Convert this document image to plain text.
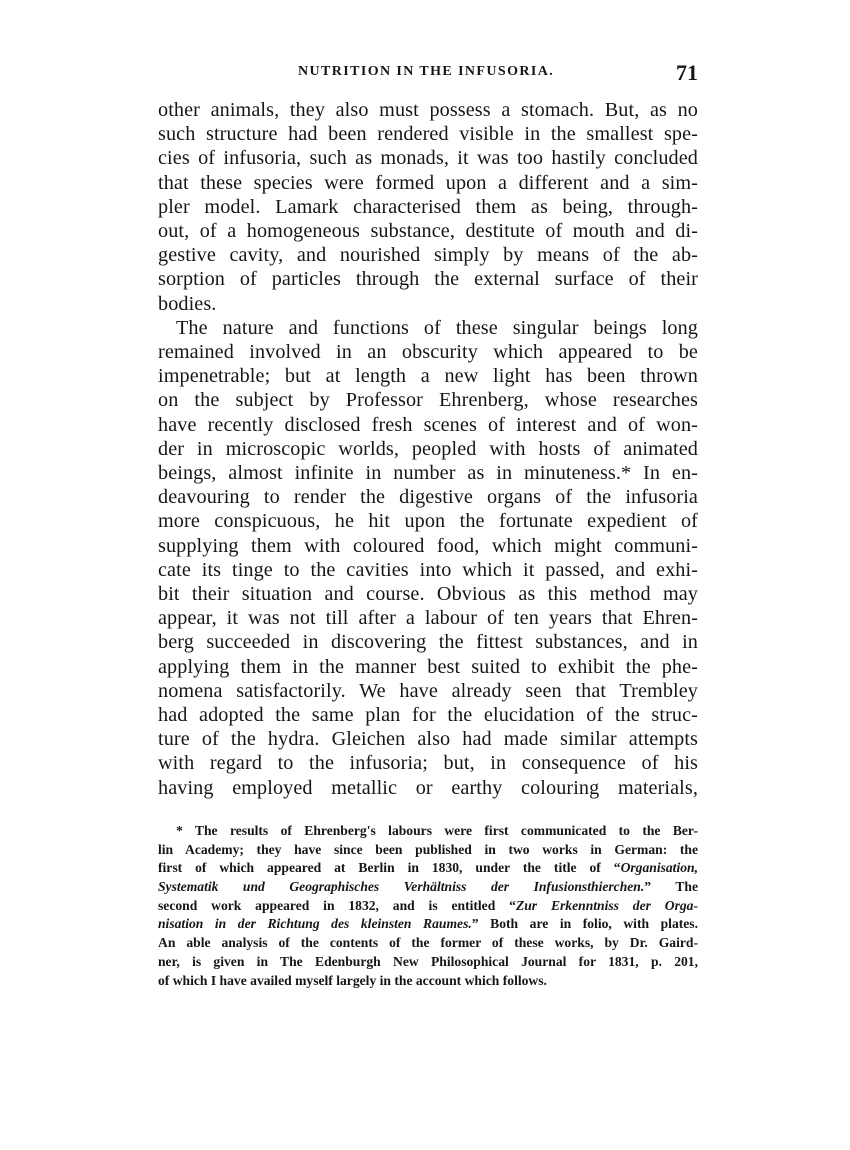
NUTRITION IN THE INFUSORIA.	71
other animals, they also must possess a stomach. But, as no
such structure had been rendered visible in the smallest spe-
cies of infusoria, such as monads, it was too hastily concluded
that these species were formed upon a different and a sim-
pler model. Lamark characterised them as being, through-
out, of a homogeneous substance, destitute of mouth and di-
gestive cavity, and nourished simply by means of the ab-
sorption of particles through the external surface of their
bodies.
The nature and functions of these singular beings long
remained involved in an obscurity which appeared to be
impenetrable; but at length a new light has been thrown
on the subject by Professor Ehrenberg, whose researches
have recently disclosed fresh scenes of interest and of won-
der in microscopic worlds, peopled with hosts of animated
beings, almost infinite in number as in minuteness.* In en-
deavouring to render the digestive organs of the infusoria
more conspicuous, he hit upon the fortunate expedient of
supplying them with coloured food, which might communi-
cate its tinge to the cavities into which it passed, and exhi-
bit their situation and course. Obvious as this method may
appear, it was not till after a labour of ten years that Ehren-
berg succeeded in discovering the fittest substances, and in
applying them in the manner best suited to exhibit the phe-
nomena satisfactorily. We have already seen that Trembley
had adopted the same plan for the elucidation of the struc-
ture of the hydra. Gleichen also had made similar attempts
with regard to the infusoria; but, in consequence of his
having employed metallic or earthy colouring materials,
* The results of Ehrenberg's labours were first communicated to the Ber-
lin Academy; they have since been published in two works in German: the
first of which appeared at Berlin in 1830, under the title of “Organisation,
Systematik und Geographisches Verhältniss der Infusionsthierchen.” The
second work appeared in 1832, and is entitled “Zur Erkenntniss der Orga-
nisation in der Richtung des kleinsten Raumes.” Both are in folio, with plates.
An able analysis of the contents of the former of these works, by Dr. Gaird-
ner, is given in The Edenburgh New Philosophical Journal for 1831, p. 201,
of which I have availed myself largely in the account which follows.
